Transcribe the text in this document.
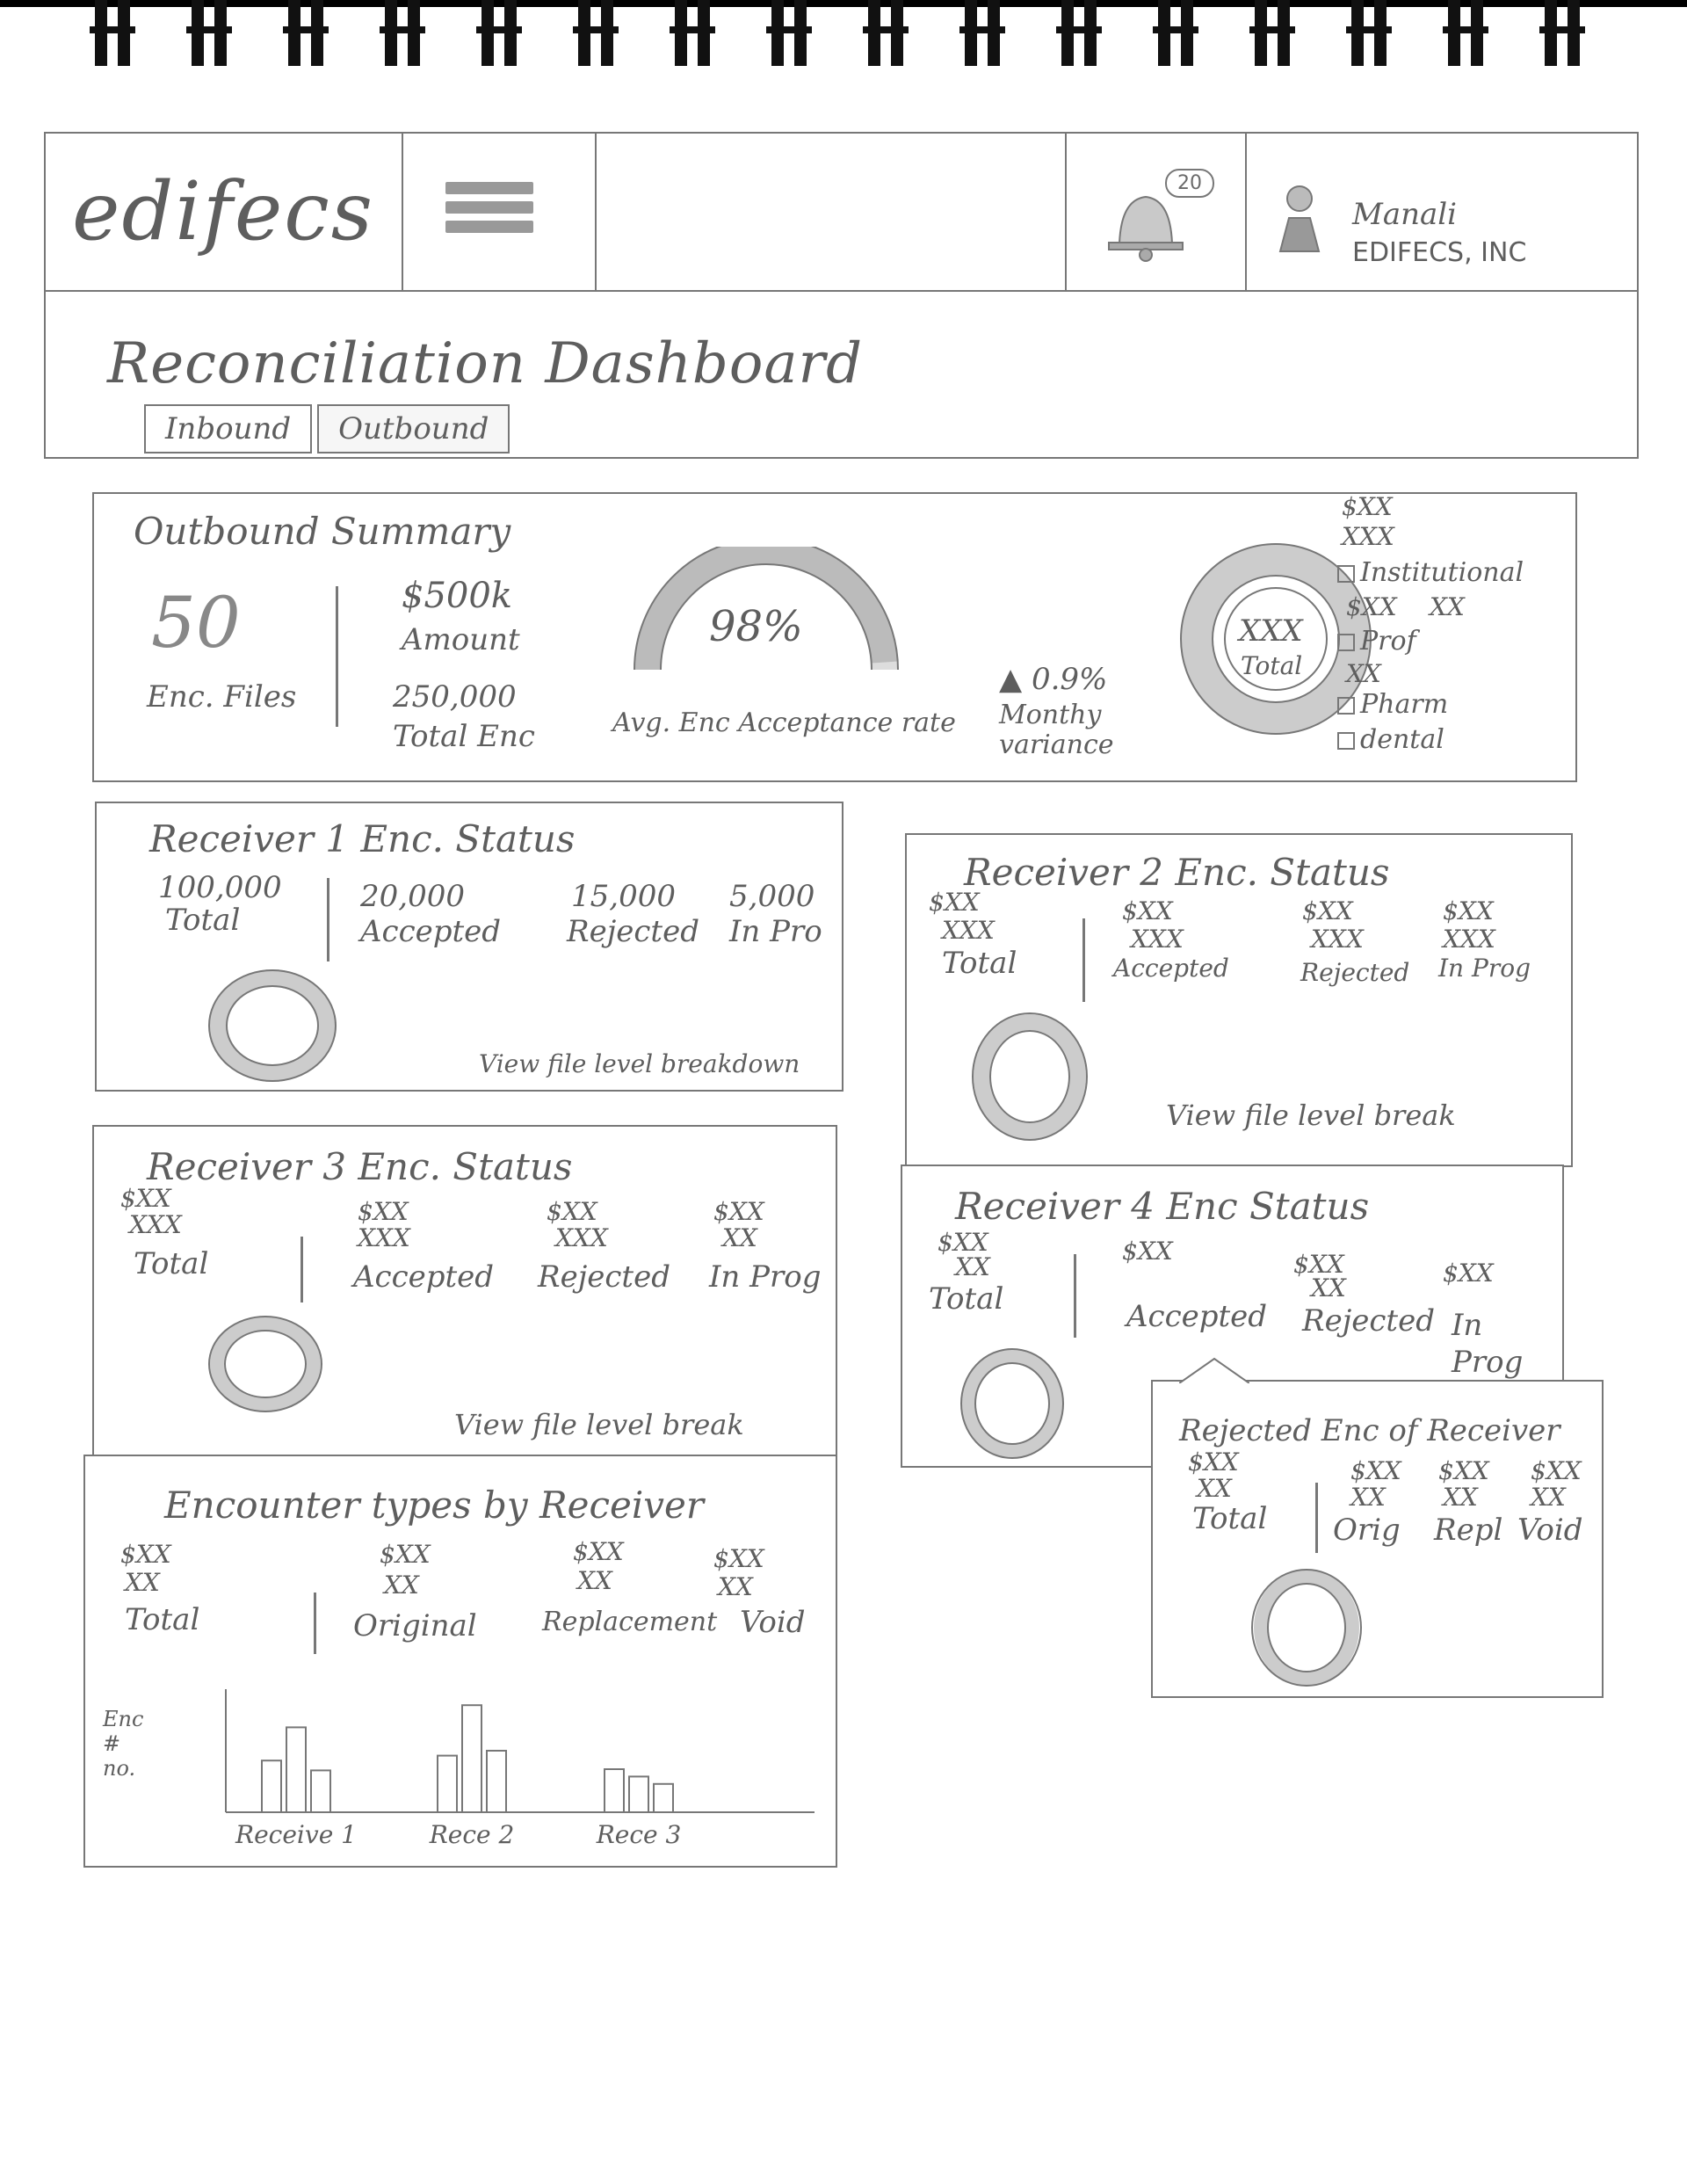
edifecs	20
Manali
EDIFECS, INC
Reconciliation Dashboard
Inbound	Outbound
Outbound Summary
50
Enc. Files
$500k
Amount
250,000
Total Enc
98%
Avg. Enc Acceptance rate
▲ 0.9%
Monthy variance
XXX
Total
$XX
XXX
Institutional
$XX XX
Prof
XX
Pharm
dental
Receiver 1 Enc. Status
100,000
Total
20,000
Accepted
15,000
Rejected
5,000
In Pro
View file level breakdown
Receiver 2 Enc. Status
$XX
XXX
Total
$XX
XXX
Accepted
$XX
XXX
Rejected
$XX
XXX
In Prog
View file level break
Receiver 3 Enc. Status
$XX
XXX
Total
$XX
XXX
Accepted
$XX
XXX
Rejected
$XX
XX
In Prog
View file level break
Receiver 4 Enc Status
$XX
XX
Total
$XX
Accepted
$XX
XX
Rejected
$XX
In Prog
Rejected Enc of Receiver
$XX
XX
Total
$XX
XX
Orig
$XX
XX
Repl
$XX
XX
Void
Encounter types by Receiver
$XX
XX
Total
$XX
XX
Original
$XX
XX
Replacement
$XX
XX
Void
Enc # no.
Receive 1	Rece 2	Rece 3
